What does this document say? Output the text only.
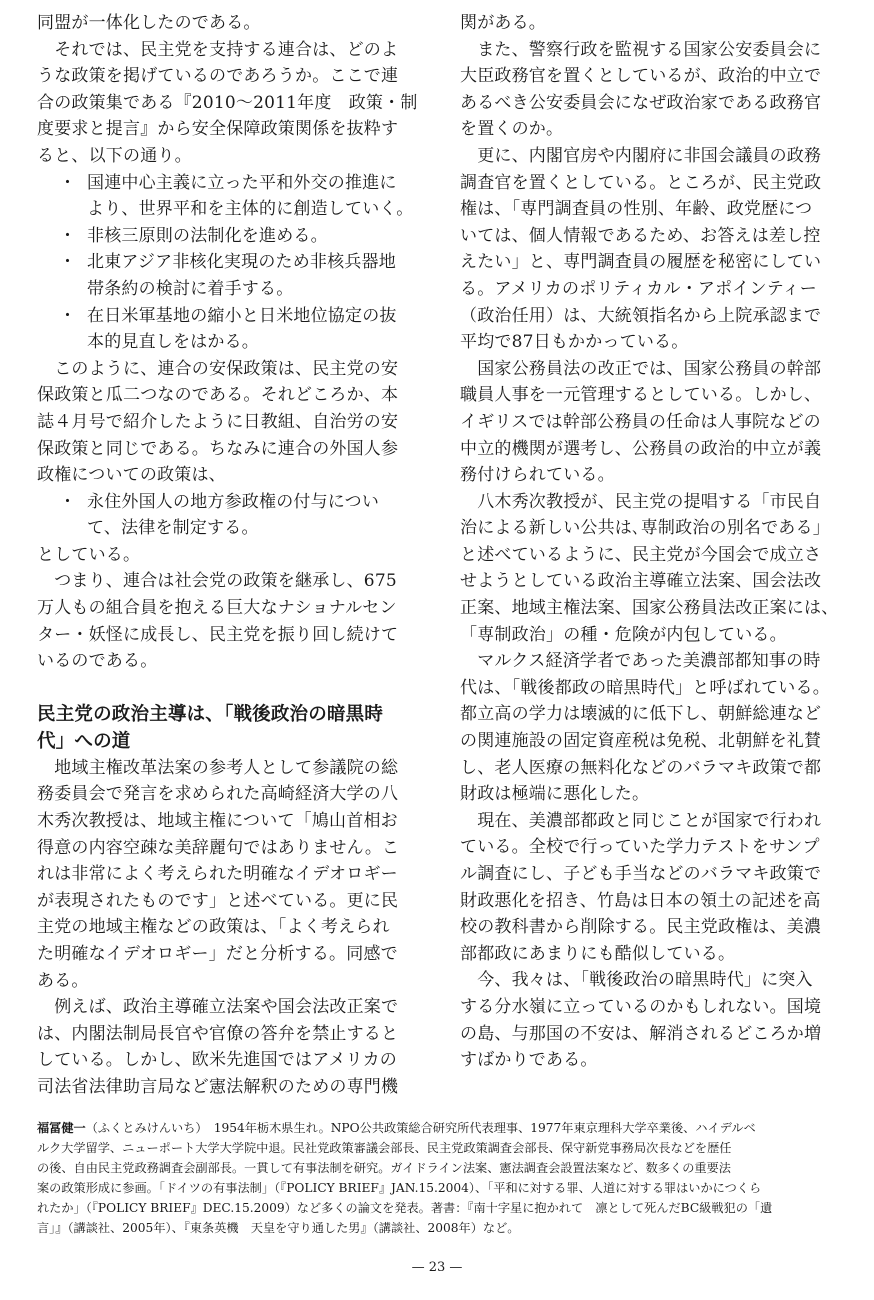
同盟が一体化したのである。
　それでは、民主党を支持する連合は、どのよ
うな政策を掲げているのであろうか。ここで連
合の政策集である『2010〜2011年度　政策・制
度要求と提言』から安全保障政策関係を抜粋す
ると、以下の通り。

・ 国連中心主義に立った平和外交の推進に
より、世界平和を主体的に創造していく。
・ 非核三原則の法制化を進める。
・ 北東アジア非核化実現のため非核兵器地
帯条約の検討に着手する。
・ 在日米軍基地の縮小と日米地位協定の抜
本的見直しをはかる。

　このように、連合の安保政策は、民主党の安
保政策と瓜二つなのである。それどころか、本
誌４月号で紹介したように日教組、自治労の安
保政策と同じである。ちなみに連合の外国人参
政権についての政策は、

・ 永住外国人の地方参政権の付与につい
て、法律を制定する。

としている。
　つまり、連合は社会党の政策を継承し、675
万人もの組合員を抱える巨大なナショナルセン
ター・妖怪に成長し、民主党を振り回し続けて
いるのである。

民主党の政治主導は、「戦後政治の暗黒時
代」への道

　地域主権改革法案の参考人として参議院の総
務委員会で発言を求められた高崎経済大学の八
木秀次教授は、地域主権について「鳩山首相お
得意の内容空疎な美辞麗句ではありません。こ
れは非常によく考えられた明確なイデオロギー
が表現されたものです」と述べている。更に民
主党の地域主権などの政策は、「よく考えられ
た明確なイデオロギー」だと分析する。同感で
ある。
　例えば、政治主導確立法案や国会法改正案で
は、内閣法制局長官や官僚の答弁を禁止すると
している。しかし、欧米先進国ではアメリカの
司法省法律助言局など憲法解釈のための専門機

関がある。
　また、警察行政を監視する国家公安委員会に
大臣政務官を置くとしているが、政治的中立で
あるべき公安委員会になぜ政治家である政務官
を置くのか。
　更に、内閣官房や内閣府に非国会議員の政務
調査官を置くとしている。ところが、民主党政
権は、「専門調査員の性別、年齢、政党歴につ
いては、個人情報であるため、お答えは差し控
えたい」と、専門調査員の履歴を秘密にしてい
る。アメリカのポリティカル・アポインティー
（政治任用）は、大統領指名から上院承認まで
平均で87日もかかっている。
　国家公務員法の改正では、国家公務員の幹部
職員人事を一元管理するとしている。しかし、
イギリスでは幹部公務員の任命は人事院などの
中立的機関が選考し、公務員の政治的中立が義
務付けられている。
　八木秀次教授が、民主党の提唱する「市民自
治による新しい公共は､専制政治の別名である」
と述べているように、民主党が今国会で成立さ
せようとしている政治主導確立法案、国会法改
正案、地域主権法案、国家公務員法改正案には、
「専制政治」の種・危険が内包している。
　マルクス経済学者であった美濃部都知事の時
代は、「戦後都政の暗黒時代」と呼ばれている。
都立高の学力は壊滅的に低下し、朝鮮総連など
の関連施設の固定資産税は免税、北朝鮮を礼賛
し、老人医療の無料化などのバラマキ政策で都
財政は極端に悪化した。
　現在、美濃部都政と同じことが国家で行われ
ている。全校で行っていた学力テストをサンプ
ル調査にし、子ども手当などのバラマキ政策で
財政悪化を招き、竹島は日本の領土の記述を高
校の教科書から削除する。民主党政権は、美濃
部都政にあまりにも酷似している。
　今、我々は、「戦後政治の暗黒時代」に突入
する分水嶺に立っているのかもしれない。国境
の島、与那国の不安は、解消されるどころか増
すばかりである。

福冨健一（ふくとみけんいち）　1954年栃木県生れ。NPO公共政策総合研究所代表理事、1977年東京理科大学卒業後、ハイデルベ
ルク大学留学、ニューポート大学大学院中退。民社党政策審議会部長、民主党政策調査会部長、保守新党事務局次長などを歴任
の後、自由民主党政務調査会副部長。一貫して有事法制を研究。ガイドライン法案、憲法調査会設置法案など、数多くの重要法
案の政策形成に参画。「ドイツの有事法制」（『POLICY BRIEF』JAN.15.2004）、「平和に対する罪、人道に対する罪はいかにつくら
れたか」（『POLICY BRIEF』DEC.15.2009）など多くの論文を発表。著書：『南十字星に抱かれて　凛として死んだBC級戦犯の「遺
言」』（講談社、2005年）、『東条英機　天皇を守り通した男』（講談社、2008年）など。
— 23 —
